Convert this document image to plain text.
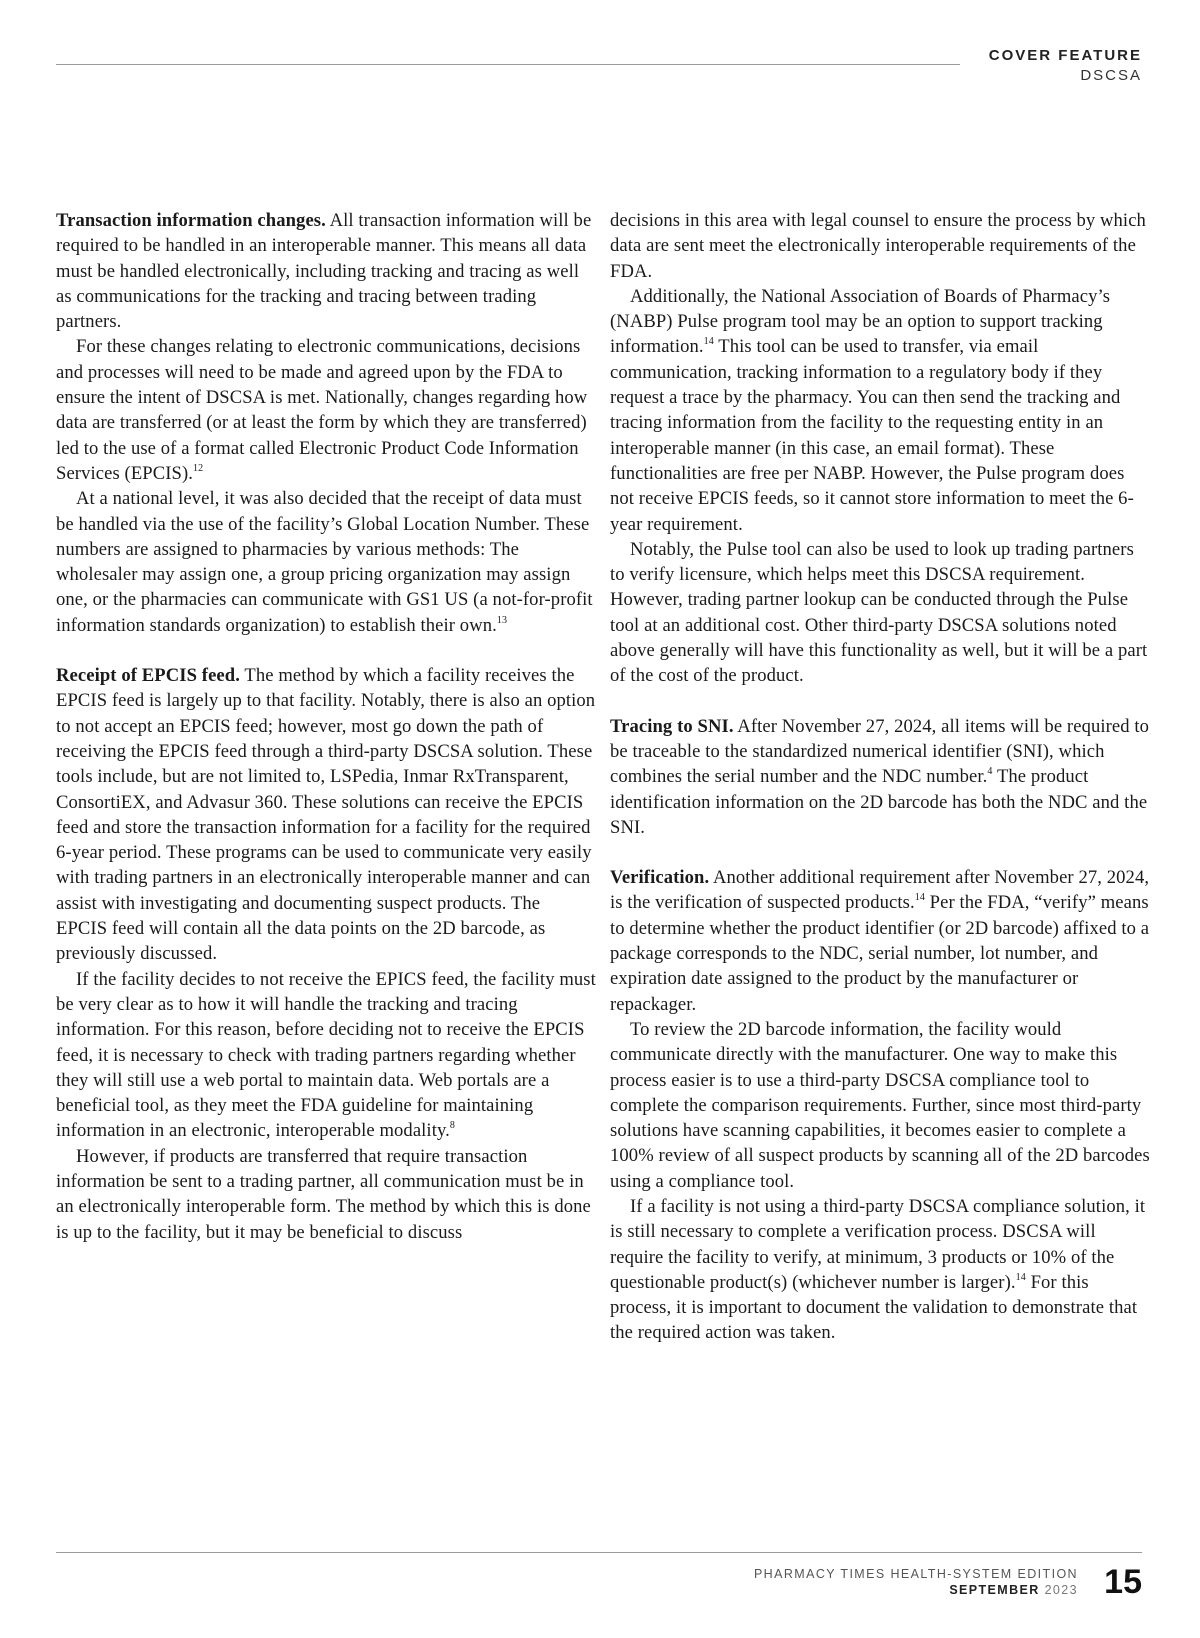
COVER FEATURE
DSCSA

Transaction information changes. All transaction information will be required to be handled in an interoperable manner. This means all data must be handled electronically, including tracking and tracing as well as communications for the tracking and tracing between trading partners.

For these changes relating to electronic communications, decisions and processes will need to be made and agreed upon by the FDA to ensure the intent of DSCSA is met. Nationally, changes regarding how data are transferred (or at least the form by which they are transferred) led to the use of a format called Electronic Product Code Information Services (EPCIS).$^{12}$

At a national level, it was also decided that the receipt of data must be handled via the use of the facility’s Global Location Number. These numbers are assigned to pharmacies by various methods: The wholesaler may assign one, a group pricing organization may assign one, or the pharmacies can communicate with GS1 US (a not-for-profit information standards organization) to establish their own.$^{13}$

Receipt of EPCIS feed. The method by which a facility receives the EPCIS feed is largely up to that facility. Notably, there is also an option to not accept an EPCIS feed; however, most go down the path of receiving the EPCIS feed through a third-party DSCSA solution. These tools include, but are not limited to, LSPedia, Inmar RxTransparent, ConsortiEX, and Advasur 360. These solutions can receive the EPCIS feed and store the transaction information for a facility for the required 6-year period. These programs can be used to communicate very easily with trading partners in an electronically interoperable manner and can assist with investigating and documenting suspect products. The EPCIS feed will contain all the data points on the 2D barcode, as previously discussed.

If the facility decides to not receive the EPICS feed, the facility must be very clear as to how it will handle the tracking and tracing information. For this reason, before deciding not to receive the EPCIS feed, it is necessary to check with trading partners regarding whether they will still use a web portal to maintain data. Web portals are a beneficial tool, as they meet the FDA guideline for maintaining information in an electronic, interoperable modality.$^8$

However, if products are transferred that require transaction information be sent to a trading partner, all communication must be in an electronically interoperable form. The method by which this is done is up to the facility, but it may be beneficial to discuss

decisions in this area with legal counsel to ensure the process by which data are sent meet the electronically interoperable requirements of the FDA.

Additionally, the National Association of Boards of Pharmacy’s (NABP) Pulse program tool may be an option to support tracking information.$^{14}$ This tool can be used to transfer, via email communication, tracking information to a regulatory body if they request a trace by the pharmacy. You can then send the tracking and tracing information from the facility to the requesting entity in an interoperable manner (in this case, an email format). These functionalities are free per NABP. However, the Pulse program does not receive EPCIS feeds, so it cannot store information to meet the 6-year requirement.

Notably, the Pulse tool can also be used to look up trading partners to verify licensure, which helps meet this DSCSA requirement. However, trading partner lookup can be conducted through the Pulse tool at an additional cost. Other third-party DSCSA solutions noted above generally will have this functionality as well, but it will be a part of the cost of the product.

Tracing to SNI. After November 27, 2024, all items will be required to be traceable to the standardized numerical identifier (SNI), which combines the serial number and the NDC number.$^4$ The product identification information on the 2D barcode has both the NDC and the SNI.

Verification. Another additional requirement after November 27, 2024, is the verification of suspected products.$^{14}$ Per the FDA, “verify” means to determine whether the product identifier (or 2D barcode) affixed to a package corresponds to the NDC, serial number, lot number, and expiration date assigned to the product by the manufacturer or repackager.

To review the 2D barcode information, the facility would communicate directly with the manufacturer. One way to make this process easier is to use a third-party DSCSA compliance tool to complete the comparison requirements. Further, since most third-party solutions have scanning capabilities, it becomes easier to complete a 100% review of all suspect products by scanning all of the 2D barcodes using a compliance tool.

If a facility is not using a third-party DSCSA compliance solution, it is still necessary to complete a verification process. DSCSA will require the facility to verify, at minimum, 3 products or 10% of the questionable product(s) (whichever number is larger).$^{14}$ For this process, it is important to document the validation to demonstrate that the required action was taken.

PHARMACY TIMES HEALTH-SYSTEM EDITION
SEPTEMBER 2023 15
